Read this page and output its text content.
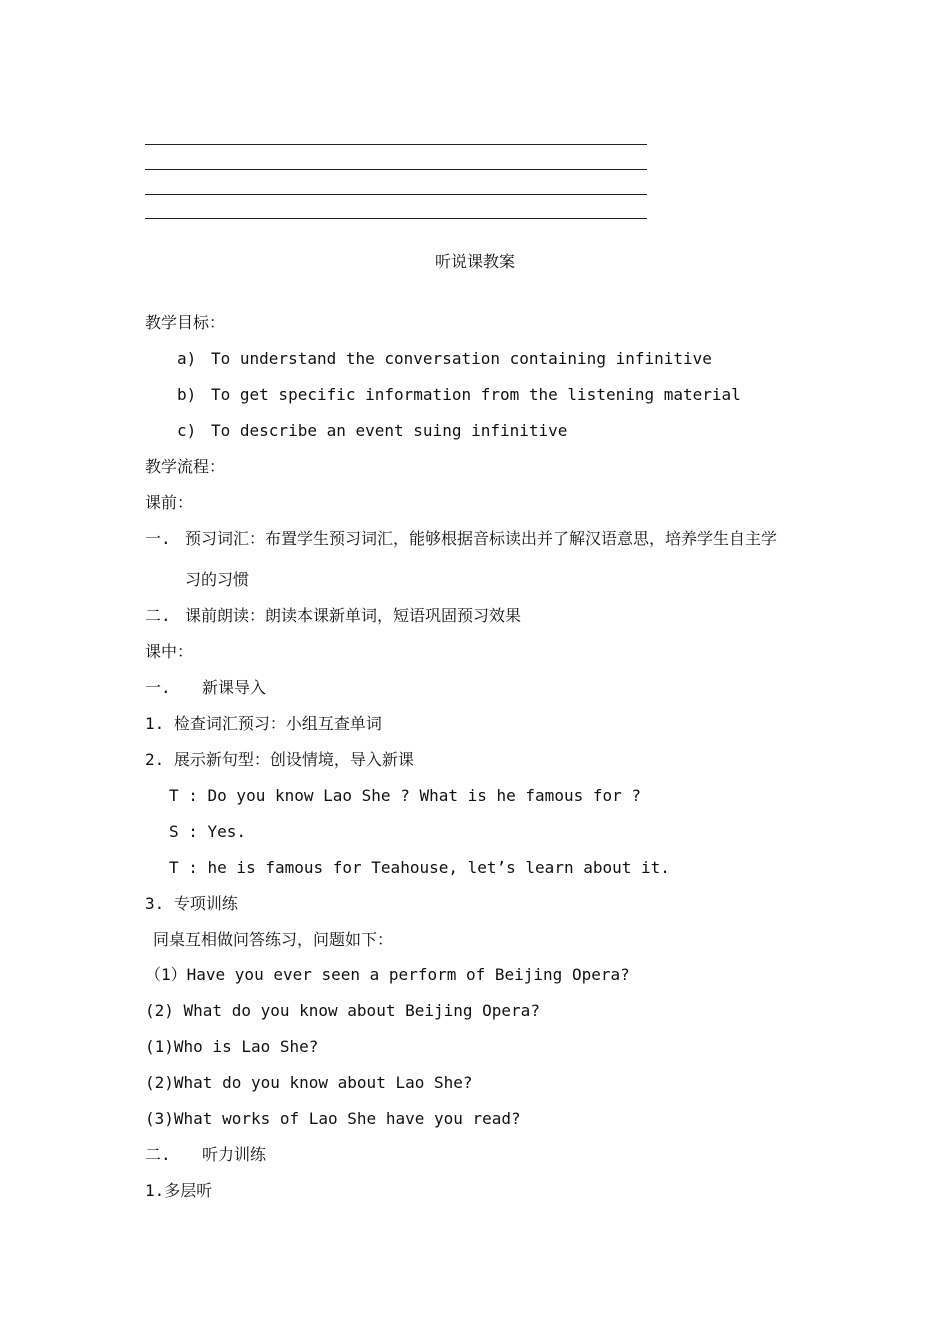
听说课教案
教学目标：
a) To understand the conversation containing infinitive
b) To get specific information from the listening material
c) To describe an event suing infinitive
教学流程：
课前：
一. 预习词汇：布置学生预习词汇，能够根据音标读出并了解汉语意思，培养学生自主学
习的习惯
二. 课前朗读：朗读本课新单词，短语巩固预习效果
课中：
一. 新课导入
1. 检查词汇预习：小组互查单词
2. 展示新句型：创设情境，导入新课
T : Do you know Lao She ? What is he famous for ?
S : Yes.
T : he is famous for Teahouse, let’s learn about it.
3. 专项训练
同桌互相做问答练习，问题如下：
（1）Have you ever seen a perform of Beijing Opera?
(2) What do you know about Beijing Opera?
(1)Who is Lao She?
(2)What do you know about Lao She?
(3)What works of Lao She have you read?
二. 听力训练
1.多层听
